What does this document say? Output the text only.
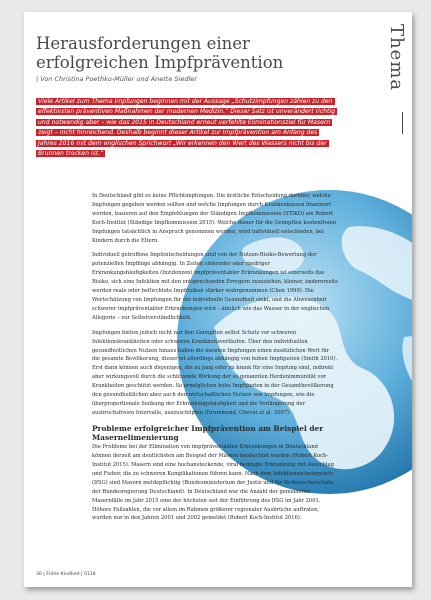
Herausforderungen einer erfolgreichen Impfprävention
| Von Christina Poethko-Müller und Anette Siedler

Viele Artikel zum Thema Impfungen beginnen mit der Aussage „Schutzimpfungen zählen zu den effektivsten präventiven Maßnahmen der modernen Medizin.“ Dieser Satz ist unverändert richtig und notwendig aber – wie das 2015 in Deutschland erneut verfehlte Eliminationsziel für Masern zeigt – nicht hinreichend. Deshalb beginnt dieser Artikel zur Impfprävention am Anfang des Jahres 2016 mit dem englischen Sprichwort „Wir erkennen den Wert des Wassers nicht bis der Brunnen trocken ist.“

Thema
Abbildung: cc-by-stock / Ext. Dan

In Deutschland gibt es keine Pflichtimpfungen. Die ärztliche Entscheidung darüber, welche Impfungen gegeben werden sollten und welche Impfungen durch Krankenkassen finanziert werden, basieren auf den Empfehlungen der Ständigen Impfkommission (STIKO) am Robert Koch-Institut (Ständige Impfkommission 2015). Welche dieser für die Geimpften kostenfreien Impfungen tatsächlich in Anspruch genommen werden, wird individuell entschieden, bei Kindern durch die Eltern.

Individuell getroffene Impfentscheidungen sind von der Nutzen-Risiko-Bewertung der potenziellen Impflinge abhängig. In Zeiten sinkender oder niedriger Erkrankungshäufigkeiten (Inzidenzen) impfpräventabler Erkrankungen ist einerseits das Risiko, sich eine Infektion mit den entsprechenden Erregern zuzuziehen, kleiner, andererseits werden reale oder befürchtete Impfrisiken stärker wahrgenommen (Chen 1999). Die Wertschätzung von Impfungen für die individuelle Gesundheit sinkt, und die Abwesenheit schwerer impfpräventabler Erkrankungen wird – ähnlich wie das Wasser in der englischen Allegorie – zur Selbstverständlichkeit.

Impfungen bieten jedoch nicht nur den Geimpften selbst Schutz vor schweren Infektionskrankheiten oder schweren Krankheitsverläufen. Über den individuellen gesundheitlichen Nutzen hinaus haben die meisten Impfungen einen zusätzlichen Wert für die gesamte Bevölkerung, dieser ist allerdings abhängig von hohen Impfquoten (Smith 2010). Erst dann können auch diejenigen, die zu jung oder zu krank für eine Impfung sind, indirekt aber wirkungsvoll durch die schützende Wirkung der so genannten Herdenimmunität vor Krankheiten geschützt werden. So ermöglichen hohe Impfquoten in der Gesamtbevölkerung den gesundheitlichen aber auch den wirtschaftlichen Nutzen von Impfungen, wie die überproportionale Senkung der Erkrankungshäufigkeit und die Verlängerung der ausbruchsfreien Intervalle, auszuschöpfen (Drummond, Chevat et al. 2007).

Probleme erfolgreicher Impfprävention am Beispiel der Masernelimenierung

Die Probleme bei der Elimination von impfpräventablen Erkrankungen in Deutschland können derzeit am deutlichsten am Beispiel der Masern beobachtet werden (Robert Koch-Institut 2015). Masern sind eine hochansteckende, viral bedingte Erkrankung mit Ausschlag und Fieber, die zu schweren Komplikationen führen kann. Nach dem Infektionsschutzgesetz (IfSG) sind Masern meldepflichtig (Bundesministerium der Justiz und für Verbraucherschutz der Bundesregierung Deutschland). In Deutschland war die Anzahl der gemeldeten Masernfälle im Jahr 2015 eine der höchsten seit der Einführung des IfSG im Jahr 2001. Höhere Fallzahlen, die vor allem im Rahmen größerer regionaler Ausbrüche auftraten, wurden nur in den Jahren 2001 und 2002 gemeldet (Robert Koch-Institut 2016).

30 | Frühe Kindheit | 0116
